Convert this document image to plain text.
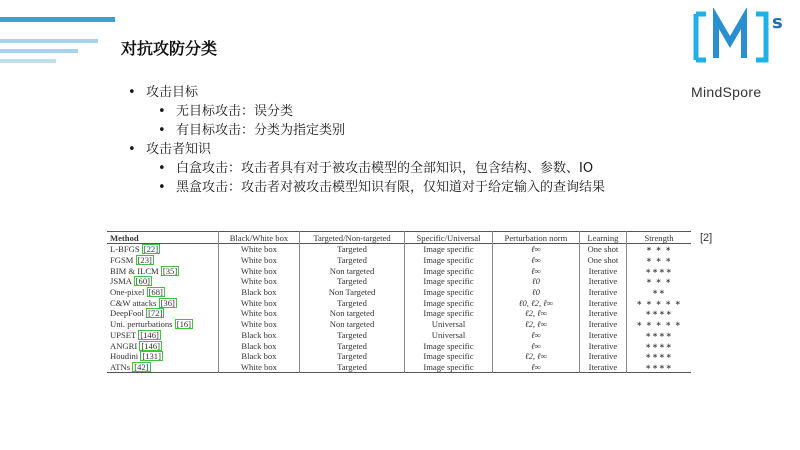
对抗攻防分类
s
MindSpore
• 攻击目标
• 无目标攻击：误分类
• 有目标攻击：分类为指定类别
• 攻击者知识
• 白盒攻击：攻击者具有对于被攻击模型的全部知识，包含结构、参数、IO
• 黑盒攻击：攻击者对被攻击模型知识有限，仅知道对于给定输入的查询结果
Method	Black/White box	Targeted/Non-targeted	Specific/Universal	Perturbation norm	Learning	Strength
L-BFGS [22]	White box	Targeted	Image specific	ℓ∞	One shot	∗ ∗ ∗
FGSM [23]	White box	Targeted	Image specific	ℓ∞	One shot	∗ ∗ ∗
BIM & ILCM [35]	White box	Non targeted	Image specific	ℓ∞	Iterative	∗∗∗∗
JSMA [60]	White box	Targeted	Image specific	ℓ0	Iterative	∗ ∗ ∗
One-pixel [68]	Black box	Non Targeted	Image specific	ℓ0	Iterative	∗∗
C&W attacks [36]	White box	Targeted	Image specific	ℓ0, ℓ2, ℓ∞	Iterative	∗ ∗ ∗ ∗ ∗
DeepFool [72]	White box	Non targeted	Image specific	ℓ2, ℓ∞	Iterative	∗∗∗∗
Uni. perturbations [16]	White box	Non targeted	Universal	ℓ2, ℓ∞	Iterative	∗ ∗ ∗ ∗ ∗
UPSET [146]	Black box	Targeted	Universal	ℓ∞	Iterative	∗∗∗∗
ANGRI [146]	Black box	Targeted	Image specific	ℓ∞	Iterative	∗∗∗∗
Houdini [131]	Black box	Targeted	Image specific	ℓ2, ℓ∞	Iterative	∗∗∗∗
ATNs [42]	White box	Targeted	Image specific	ℓ∞	Iterative	∗∗∗∗
[2]
